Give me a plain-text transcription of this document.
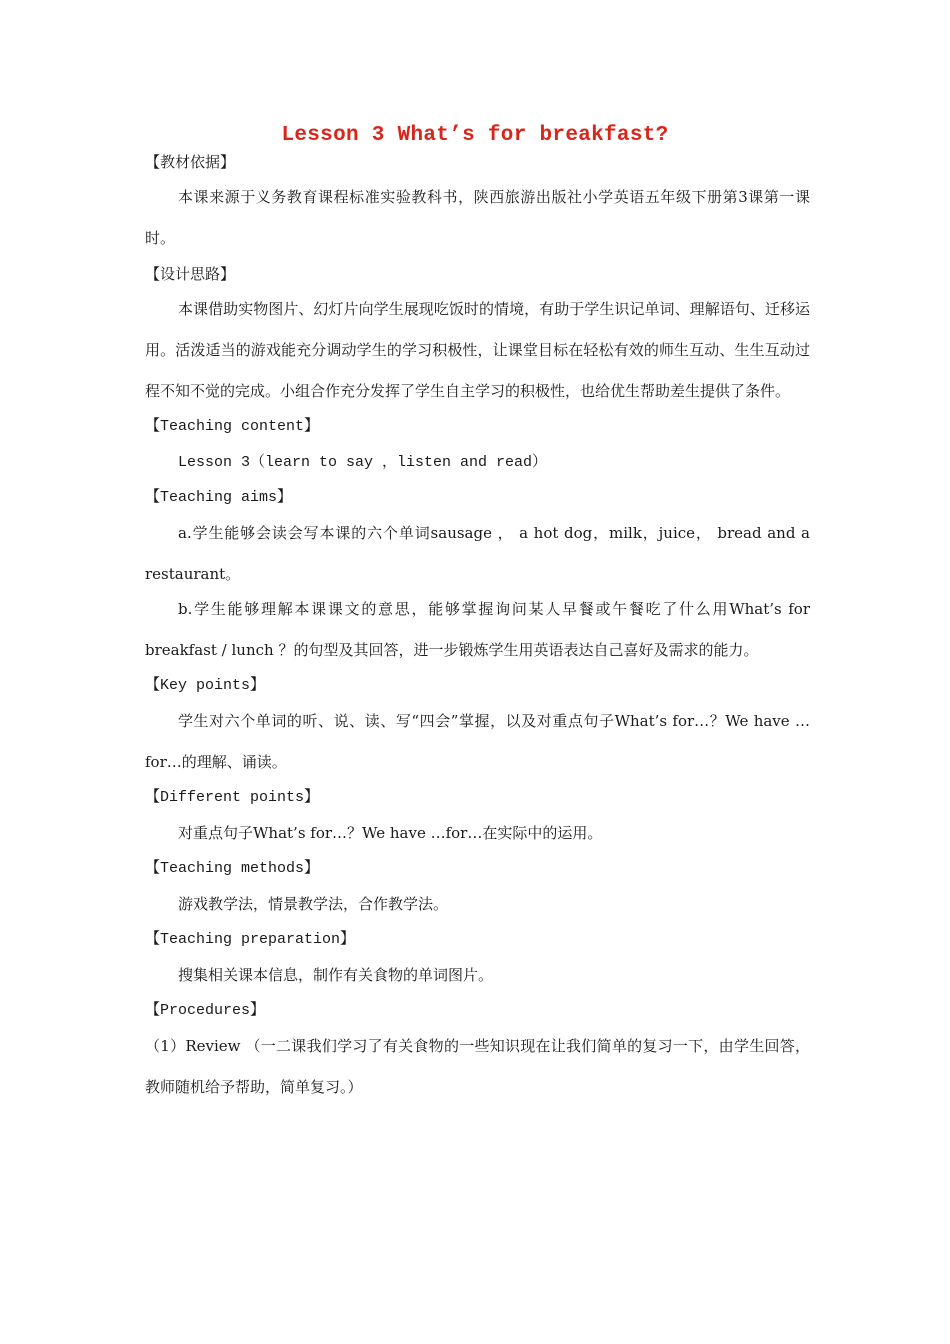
Lesson 3 What’s for breakfast?
【教材依据】
本课来源于义务教育课程标准实验教科书，陕西旅游出版社小学英语五年级下册第3课第一课时。
【设计思路】
本课借助实物图片、幻灯片向学生展现吃饭时的情境，有助于学生识记单词、理解语句、迁移运用。活泼适当的游戏能充分调动学生的学习积极性，让课堂目标在轻松有效的师生互动、生生互动过程不知不觉的完成。小组合作充分发挥了学生自主学习的积极性，也给优生帮助差生提供了条件。
【Teaching content】
Lesson 3（learn to say ，listen and read）
【Teaching aims】
a.学生能够会读会写本课的六个单词sausage ， a hot dog，milk，juice， bread and a restaurant。
b.学生能够理解本课课文的意思，能够掌握询问某人早餐或午餐吃了什么用What’s for breakfast / lunch ？的句型及其回答，进一步锻炼学生用英语表达自己喜好及需求的能力。
【Key points】
学生对六个单词的听、说、读、写“四会”掌握，以及对重点句子What’s for…？We have …for…的理解、诵读。
【Different points】
对重点句子What’s for…？We have …for…在实际中的运用。
【Teaching methods】
游戏教学法，情景教学法，合作教学法。
【Teaching preparation】
搜集相关课本信息，制作有关食物的单词图片。
【Procedures】
（1）Review （一二课我们学习了有关食物的一些知识现在让我们简单的复习一下，由学生回答，教师随机给予帮助，简单复习。）
